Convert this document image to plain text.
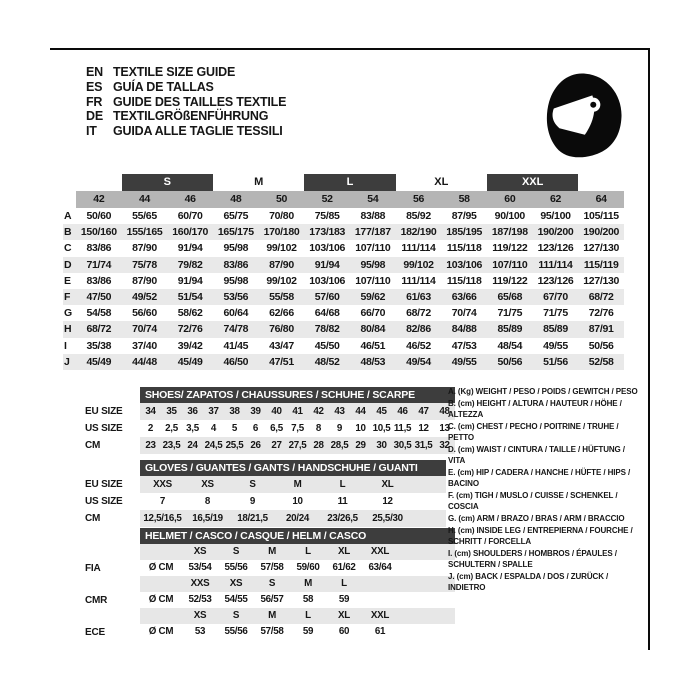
EN TEXTILE SIZE GUIDE
ES GUÍA DE TALLAS
FR GUIDE DES TAILLES TEXTILE
DE TEXTILGRÖßENFÜHRUNG
IT GUIDA ALLE TAGLIE TESSILI
S	M	L	XL	XXL
42	44	46	48	50	52	54	56	58	60	62	64
A	50/60	55/65	60/70	65/75	70/80	75/85	83/88	85/92	87/95	90/100	95/100	105/115
B 150/160 155/165 160/170 165/175 170/180 173/183 177/187 182/190 185/195 187/198 190/200 190/200
C	83/86	87/90	91/94	95/98	99/102	103/106 107/110	111/114	115/118	119/122 123/126 127/130
D	71/74	75/78	79/82	83/86	87/90	91/94	95/98	99/102	103/106 107/110	111/114	115/119
E	83/86	87/90	91/94	95/98	99/102	103/106 107/110	111/114	115/118	119/122 123/126 127/130
F	47/50	49/52	51/54	53/56	55/58	57/60	59/62	61/63	63/66	65/68	67/70	68/72
G	54/58	56/60	58/62	60/64	62/66	64/68	66/70	68/72	70/74	71/75	71/75	72/76
H	68/72	70/74	72/76	74/78	76/80	78/82	80/84	82/86	84/88	85/89	85/89	87/91
I	35/38	37/40	39/42	41/45	43/47	45/50	46/51	46/52	47/53	48/54	49/55	50/56
J	45/49	44/48	45/49	46/50	47/51	48/52	48/53	49/54	49/55	50/56	51/56	52/58
SHOES/ ZAPATOS / CHAUSSURES / SCHUHE / SCARPE
EU SIZE	34	35	36	37	38	39	40	41	42	43	44	45	46	47	48
US SIZE	2	2,5 3,5	4	5	6	6,5 7,5	8	9	10 10,5 11,5 12	13
CM	23 23,5 24 24,5 25,5 26	27 27,5 28 28,5 29	30 30,5 31,5 32
GLOVES / GUANTES / GANTS / HANDSCHUHE / GUANTI
EU SIZE	XXS	XS	S	M	L	XL
US SIZE	7	8	9	10	11	12
CM	12,5/16,5	16,5/19	18/21,5	20/24	23/26,5	25,5/30
HELMET / CASCO / CASQUE / HELM / CASCO
XS	S	M	L	XL	XXL
FIA	Ø CM	53/54	55/56	57/58	59/60	61/62	63/64
XXS	XS	S	M	L
CMR	Ø CM	52/53	54/55	56/57	58	59
XS	S	M	L	XL	XXL
ECE	Ø CM	53	55/56	57/58	59	60	61
A. (Kg) WEIGHT / PESO / POIDS / GEWITCH / PESO
B. (cm) HEIGHT / ALTURA / HAUTEUR / HÖHE / ALTEZZA
C. (cm) CHEST / PECHO / POITRINE / TRUHE / PETTO
D. (cm) WAIST / CINTURA / TAILLE / HÜFTUNG / VITA
E. (cm) HIP / CADERA / HANCHE / HÜFTE / HIPS / BACINO
F. (cm) TIGH / MUSLO / CUISSE / SCHENKEL / COSCIA
G. (cm) ARM / BRAZO / BRAS / ARM / BRACCIO
H. (cm) INSIDE LEG / ENTREPIERNA / FOURCHE / SCHRITT / FORCELLA
I. (cm) SHOULDERS / HOMBROS / ÉPAULES / SCHULTERN / SPALLE
J. (cm) BACK / ESPALDA / DOS / ZURÜCK / INDIETRO
